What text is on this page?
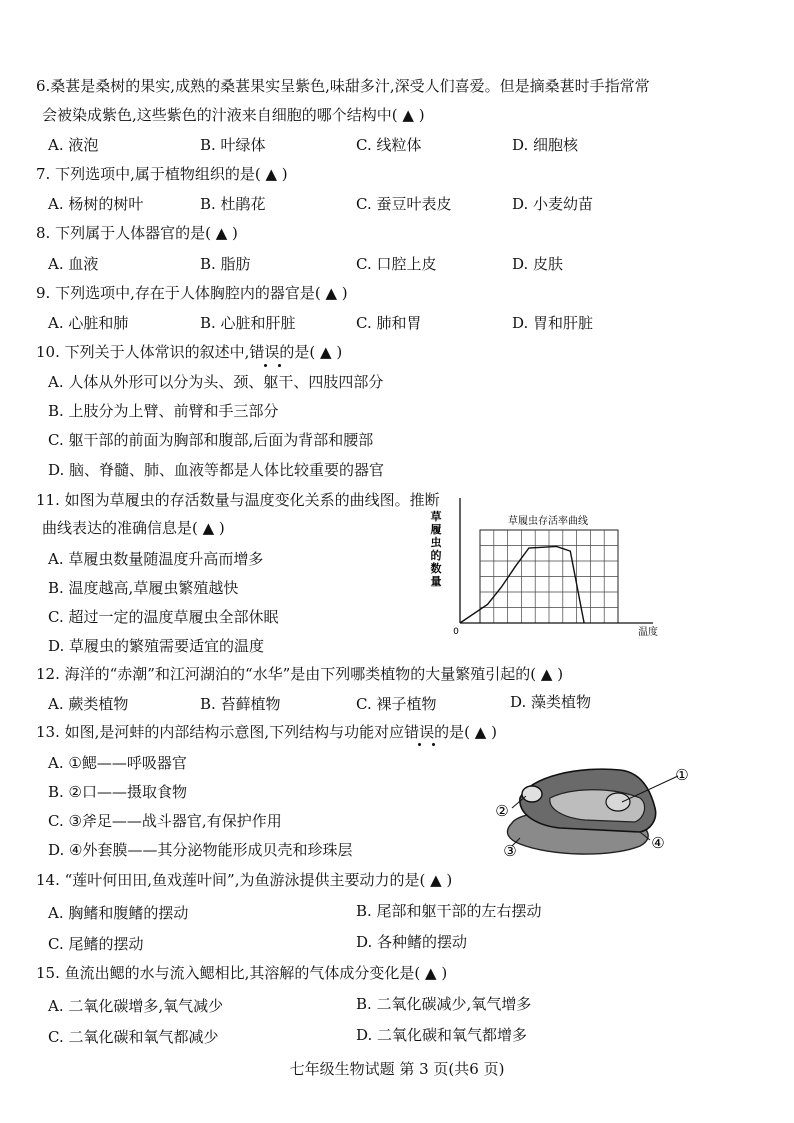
6.桑葚是桑树的果实,成熟的桑葚果实呈紫色,味甜多汁,深受人们喜爱。但是摘桑葚时手指常常
会被染成紫色,这些紫色的汁液来自细胞的哪个结构中( ▲ )
A. 液泡	B. 叶绿体	C. 线粒体	D. 细胞核
7. 下列选项中,属于植物组织的是( ▲ )
A. 杨树的树叶	B. 杜鹃花	C. 蚕豆叶表皮	D. 小麦幼苗
8. 下列属于人体器官的是( ▲ )
A. 血液	B. 脂肪	C. 口腔上皮	D. 皮肤
9. 下列选项中,存在于人体胸腔内的器官是( ▲ )
A. 心脏和肺	B. 心脏和肝脏	C. 肺和胃	D. 胃和肝脏
10. 下列关于人体常识的叙述中,错误的是( ▲ )
A. 人体从外形可以分为头、颈、躯干、四肢四部分
B. 上肢分为上臂、前臂和手三部分
C. 躯干部的前面为胸部和腹部,后面为背部和腰部
D. 脑、脊髓、肺、血液等都是人体比较重要的器官
11. 如图为草履虫的存活数量与温度变化关系的曲线图。推断
曲线表达的准确信息是( ▲ )
A. 草履虫数量随温度升高而增多
B. 温度越高,草履虫繁殖越快
C. 超过一定的温度草履虫全部休眠
D. 草履虫的繁殖需要适宜的温度
草履虫存活率曲线
草
履
虫
的
数
量
0	温度
12. 海洋的“赤潮”和江河湖泊的“水华”是由下列哪类植物的大量繁殖引起的( ▲ )
A. 蕨类植物	B. 苔藓植物	C. 裸子植物	D. 藻类植物
13. 如图,是河蚌的内部结构示意图,下列结构与功能对应错误的是( ▲ )
A. ①鳃——呼吸器官
B. ②口——摄取食物
C. ③斧足——战斗器官,有保护作用
D. ④外套膜——其分泌物能形成贝壳和珍珠层
①
②
③	④
14. “莲叶何田田,鱼戏莲叶间”,为鱼游泳提供主要动力的是( ▲ )
A. 胸鳍和腹鳍的摆动	B. 尾部和躯干部的左右摆动
C. 尾鳍的摆动	D. 各种鳍的摆动
15. 鱼流出鳃的水与流入鳃相比,其溶解的气体成分变化是( ▲ )
A. 二氧化碳增多,氧气减少	B. 二氧化碳减少,氧气增多
C. 二氧化碳和氧气都减少	D. 二氧化碳和氧气都增多
七年级生物试题 第 3 页(共6 页)
